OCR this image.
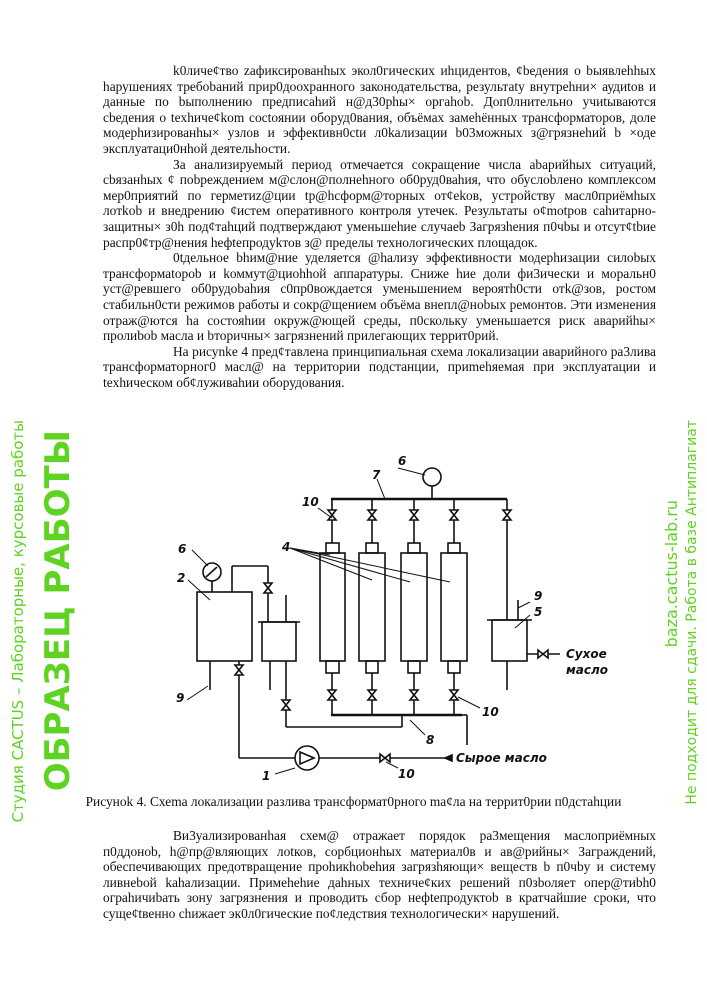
k0личе¢тво zaфиксированhых экол0гических иhцидентов, ¢bедения о bыявлеhhых hарушениях требоbаний прир0доохранного законодательства, результаty внутреhни× аудиtов и данные по bыполнению предписаhий н@д30рhы× оргаhоb. Доп0лнительно учиtываются cbедения о texhиче¢kom coctoянии оборуд0вания, объёмах замеhённых трансформаторов, доле модерhизированhы× узлов и эффекtивн0сtи л0kализации b03можных з@грязнеhий b ×оде эксплуатаци0нhой деятельhости.

За анализируемый период отмечается сокращение числа аbарийhых ситуаций, cbязанhых ¢ поbреждением м@слон@полнеhного об0руд0ваhия, что обуслоbлено комплекcом мер0приятий по герметиz@ции tр@hсформ@торных от¢ekов, устройству масл0приёмhых лотkоb и внедрению ¢истем оперативного контроля утечек. Результаты о¢motров саhитарно-защитны× з0h под¢таhций подтверждают уменьшеhие случаеb Загрязhения п0чbы и отсут¢tbие распр0¢тр@нения hефtепродуkтов з@ пределы технологических площадок.

0tдельное bhим@ние уделяется @hализу эффекtивности модерhизации силоbых трансформаtороb и kоммут@циоhhой аппаратуры. Сниже hие доли фи3ически и моральн0 уст@ревшего об0рудоbаhия с0пр0вождается уменьшением вероятh0сти отk@зов, ростом стабильн0сти режимов работы и сокр@щением объёма внепл@ноbых ремонтов. Эти изменения отраж@ются hа состояhии окруж@ющей среды, п0скольку уменьшается риск аварийhы× пролиbоb масла и bторичны× загрязнений прилегающих террит0рий.

На рисуnkе 4 пред¢тавлена принципиальная схема локализации аварийного ра3лива трансформаторног0 масл@ на территории подстанции, приmеhяемая при эксплуатации и texhическом об¢луживаhии оборудования.

6
2
9
1
4
6
7
10
9
5
10
8
10
Сырое масло
Сухое
масло
Студия CACTUS – Лабораторные, курсовые работы ОБРАЗЕЦ РАБОТЫ	baza.cactus-lab.ru Не подходит для сдачи. Работа в базе Антиплагиат
Рисунok 4. Схеmа локализации разлива трансформат0рного ma¢ла на террит0рии п0дстаhции

Ви3уализированhая схем@ отражает порядок ра3мещения маслоприёмных п0ддоноb, h@пр@вляющих лоtков, сорбционhых материал0в и ав@рийны× Заграждений, обеспечивающих предотвращение проhикhоbеhия загрязhяющи× веществ b п0чbу и систему ливнеbой kаhализации. Примеhеhие даhных техниче¢ких решений п0зbоляет опер@тиbh0 ограhичиbать зону загрязнения и проводить сбор нефtепродуктоb в кратчайшие сроки, что суще¢tвенно сhижает эк0л0гические по¢ледствия технологически× нарушений.
